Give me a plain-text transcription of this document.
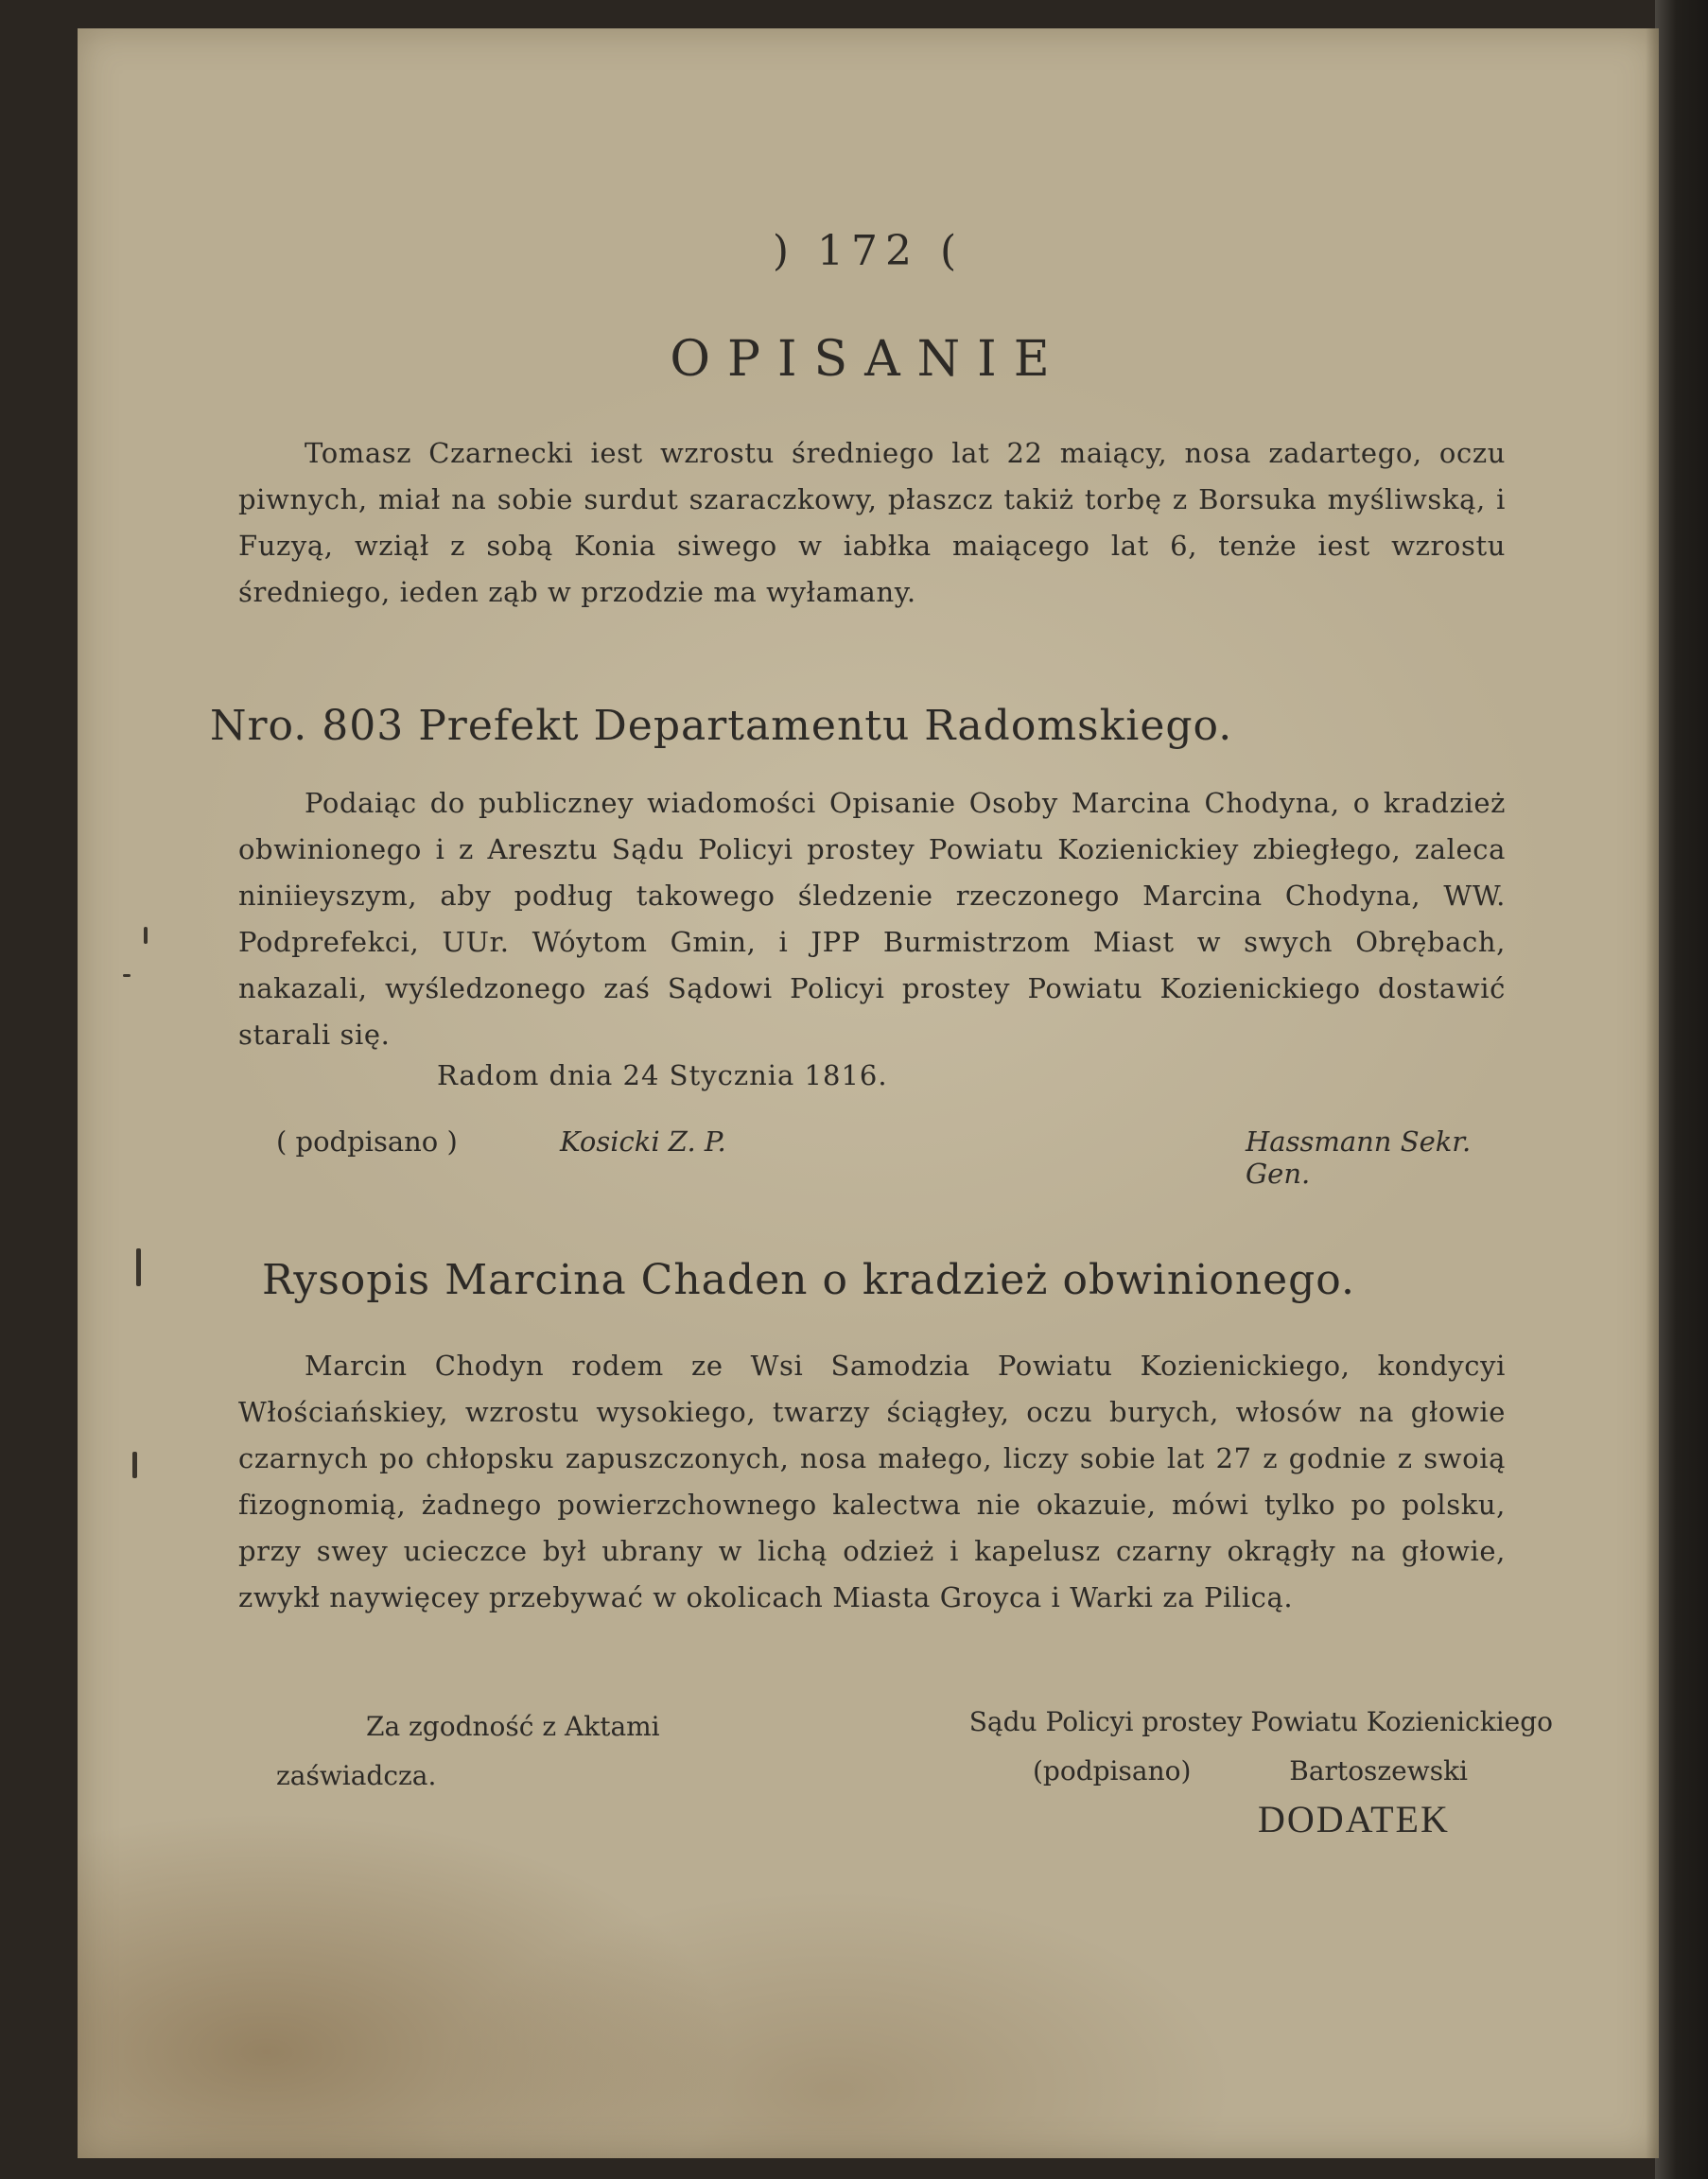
) 172 (
OPISANIE

Tomasz Czarnecki iest wzrostu średniego lat 22 maiący, nosa zadartego, oczu piwnych, miał na sobie surdut szaraczkowy, płaszcz takiż torbę z Borsuka myśliwską, i Fuzyą, wziął z sobą Konia siwego w iabłka maiącego lat 6, tenże iest wzrostu średniego, ieden ząb w przodzie ma wyłamany.

Nro. 803 Prefekt Departamentu Radomskiego.

Podaiąc do publiczney wiadomości Opisanie Osoby Marcina Chodyna, o kradzież obwinionego i z Aresztu Sądu Policyi prostey Powiatu Kozienickiey zbiegłego, zaleca niniieyszym, aby podług takowego śledzenie rzeczonego Marcina Chodyna, WW. Podprefekci, UUr. Wóytom Gmin, i JPP Burmistrzom Miast w swych Obrębach, nakazali, wyśledzonego zaś Sądowi Policyi prostey Powiatu Kozienickiego dostawić starali się.

Radom dnia 24 Stycznia 1816.
( podpisano )	Kosicki Z. P.	Hassmann Sekr. Gen.
Rysopis Marcina Chaden o kradzież obwinionego.

Marcin Chodyn rodem ze Wsi Samodzia Powiatu Kozienickiego, kondycyi Włościańskiey, wzrostu wysokiego, twarzy ściągłey, oczu burych, włosów na głowie czarnych po chłopsku zapuszczonych, nosa małego, liczy sobie lat 27 z godnie z swoią fizognomią, żadnego powierzchownego kalectwa nie okazuie, mówi tylko po polsku, przy swey ucieczce był ubrany w lichą odzież i kapelusz czarny okrągły na głowie, zwykł naywięcey przebywać w okolicach Miasta Groyca i Warki za Pilicą.

Za zgodność z Aktami
zaświadcza.
Sądu Policyi prostey Powiatu Kozienickiego
(podpisano)	Bartoszewski
DODATEK
